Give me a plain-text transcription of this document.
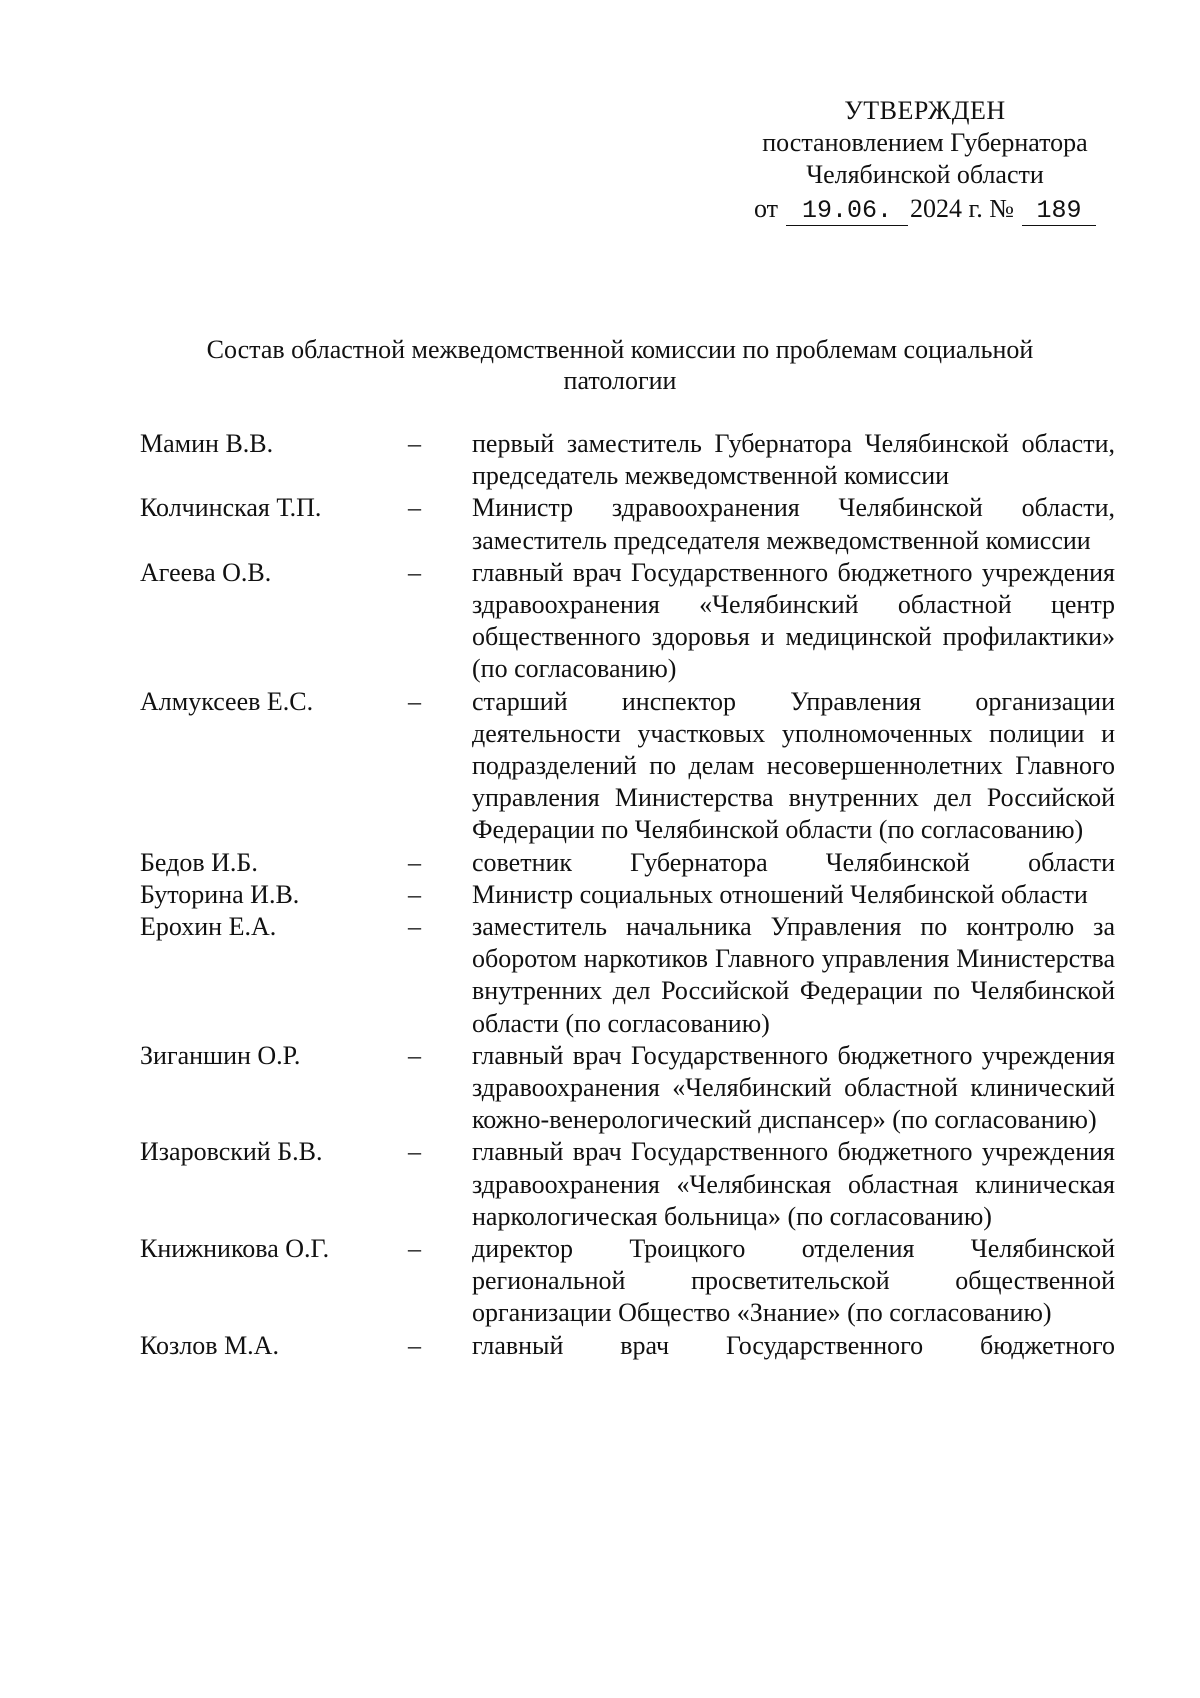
УТВЕРЖДЕН
постановлением Губернатора
Челябинской области
от 19.06. 2024 г. № 189
Состав областной межведомственной комиссии по проблемам социальной патологии
Мамин В.В.	–	первый заместитель Губернатора Челябинской области, председатель межведомственной комиссии
Колчинская Т.П.	–	Министр здравоохранения Челябинской области, заместитель председателя межведомственной комиссии
Агеева О.В.	–	главный врач Государственного бюджетного учреждения здравоохранения «Челябинский областной центр общественного здоровья и медицинской профилактики» (по согласованию)
Алмуксеев Е.С.	–	старший инспектор Управления организации деятельности участковых уполномоченных полиции и подразделений по делам несовершеннолетних Главного управления Министерства внутренних дел Российской Федерации по Челябинской области (по согласованию)
Бедов И.Б.	–	советник Губернатора Челябинской области
Буторина И.В.	–	Министр социальных отношений Челябинской области
Ерохин Е.А.	–	заместитель начальника Управления по контролю за оборотом наркотиков Главного управления Министерства внутренних дел Российской Федерации по Челябинской области (по согласованию)
Зиганшин О.Р.	–	главный врач Государственного бюджетного учреждения здравоохранения «Челябинский областной клинический кожно-венерологический диспансер» (по согласованию)
Изаровский Б.В.	–	главный врач Государственного бюджетного учреждения здравоохранения «Челябинская областная клиническая наркологическая больница» (по согласованию)
Книжникова О.Г.	–	директор Троицкого отделения Челябинской региональной просветительской общественной организации Общество «Знание» (по согласованию)
Козлов М.А.	–	главный врач Государственного бюджетного
